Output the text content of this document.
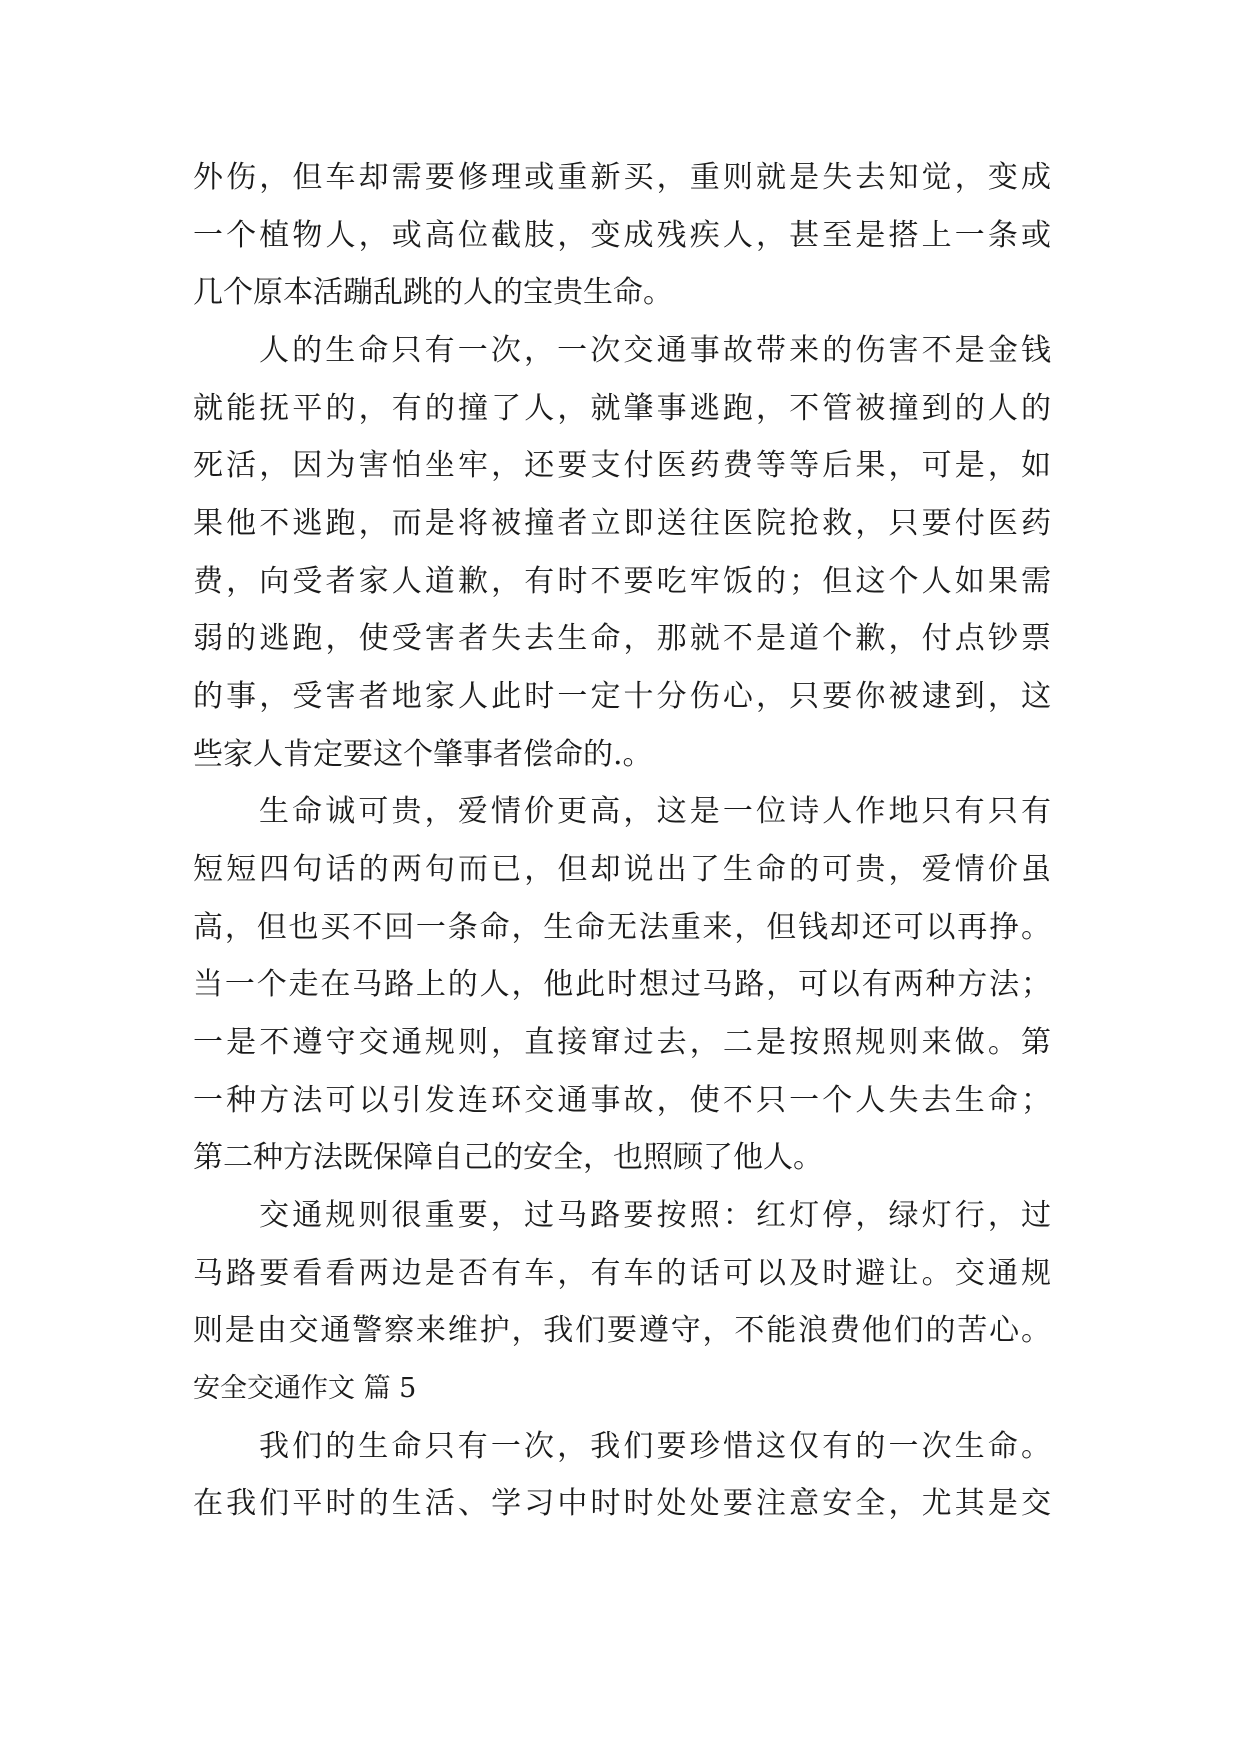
外伤，但车却需要修理或重新买，重则就是失去知觉，变成
一个植物人，或高位截肢，变成残疾人，甚至是搭上一条或
几个原本活蹦乱跳的人的宝贵生命。
人的生命只有一次，一次交通事故带来的伤害不是金钱
就能抚平的，有的撞了人，就肇事逃跑，不管被撞到的人的
死活，因为害怕坐牢，还要支付医药费等等后果，可是，如
果他不逃跑，而是将被撞者立即送往医院抢救，只要付医药
费，向受者家人道歉，有时不要吃牢饭的；但这个人如果需
弱的逃跑，使受害者失去生命，那就不是道个歉，付点钞票
的事，受害者地家人此时一定十分伤心，只要你被逮到，这
些家人肯定要这个肇事者偿命的.。
生命诚可贵，爱情价更高，这是一位诗人作地只有只有
短短四句话的两句而已，但却说出了生命的可贵，爱情价虽
高，但也买不回一条命，生命无法重来，但钱却还可以再挣。
当一个走在马路上的人，他此时想过马路，可以有两种方法；
一是不遵守交通规则，直接窜过去，二是按照规则来做。第
一种方法可以引发连环交通事故，使不只一个人失去生命；
第二种方法既保障自己的安全，也照顾了他人。
交通规则很重要，过马路要按照：红灯停，绿灯行，过
马路要看看两边是否有车，有车的话可以及时避让。交通规
则是由交通警察来维护，我们要遵守，不能浪费他们的苦心。
安全交通作文 篇 5
我们的生命只有一次，我们要珍惜这仅有的一次生命。
在我们平时的生活、学习中时时处处要注意安全，尤其是交
